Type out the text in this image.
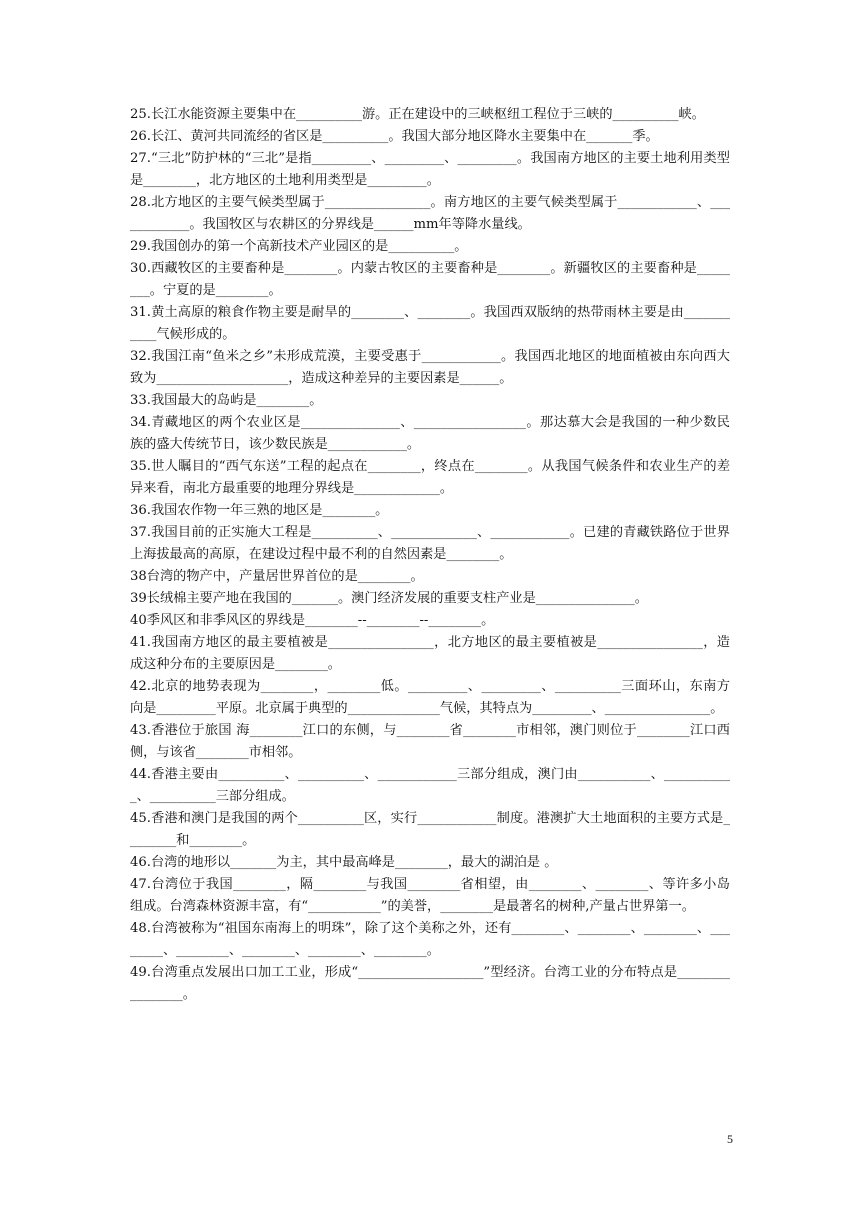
25.长江水能资源主要集中在__________游。正在建设中的三峡枢纽工程位于三峡的__________峡。

26.长江、黄河共同流经的省区是__________。我国大部分地区降水主要集中在_______季。

27.“三北”防护林的“三北”是指_________、_________、_________。我国南方地区的主要土地利用类型是________，北方地区的土地利用类型是_________。

28.北方地区的主要气候类型属于________________。南方地区的主要气候类型属于____________、____________。我国牧区与农耕区的分界线是______mm年等降水量线。

29.我国创办的第一个高新技术产业园区的是__________。

30.西藏牧区的主要畜种是________。内蒙古牧区的主要畜种是________。新疆牧区的主要畜种是________。宁夏的是________。

31.黄土高原的粮食作物主要是耐旱的________、________。我国西双版纳的热带雨林主要是由___________气候形成的。

32.我国江南“鱼米之乡”未形成荒漠，主要受惠于____________。我国西北地区的地面植被由东向西大致为____________________，造成这种差异的主要因素是______。

33.我国最大的岛屿是________。

34.青藏地区的两个农业区是_______________、_________________。那达慕大会是我国的一种少数民族的盛大传统节日，该少数民族是____________。

35.世人瞩目的“西气东送”工程的起点在________，终点在________。从我国气候条件和农业生产的差异来看，南北方最重要的地理分界线是_____________。

36.我国农作物一年三熟的地区是________。

37.我国目前的正实施大工程是__________、_____________、____________。已建的青藏铁路位于世界上海拔最高的高原，在建设过程中最不利的自然因素是________。

38台湾的物产中，产量居世界首位的是________。

39长绒棉主要产地在我国的_______。澳门经济发展的重要支柱产业是_______________。

40季风区和非季风区的界线是________--________--________。

41.我国南方地区的最主要植被是________________，北方地区的最主要植被是________________，造成这种分布的主要原因是________。

42.北京的地势表现为________，________低。_________、_________、__________三面环山，东南方向是_________平原。北京属于典型的______________气候，其特点为_________、________________。

43.香港位于旅国 海________江口的东侧，与________省________市相邻，澳门则位于________江口西侧，与该省________市相邻。

44.香港主要由__________、__________、____________三部分组成，澳门由___________、___________、__________三部分组成。

45.香港和澳门是我国的两个__________区，实行____________制度。港澳扩大土地面积的主要方式是________和________。

46.台湾的地形以_______为主，其中最高峰是________，最大的湖泊是 。

47.台湾位于我国________，隔________与我国________省相望，由________、________、等许多小岛组成。台湾森林资源丰富，有“___________”的美誉，________是最著名的树种,产量占世界第一。

48.台湾被称为“祖国东南海上的明珠”，除了这个美称之外，还有________、________、________、________、________、________、________、________。

49.台湾重点发展出口加工工业，形成“___________________”型经济。台湾工业的分布特点是________________。

5
